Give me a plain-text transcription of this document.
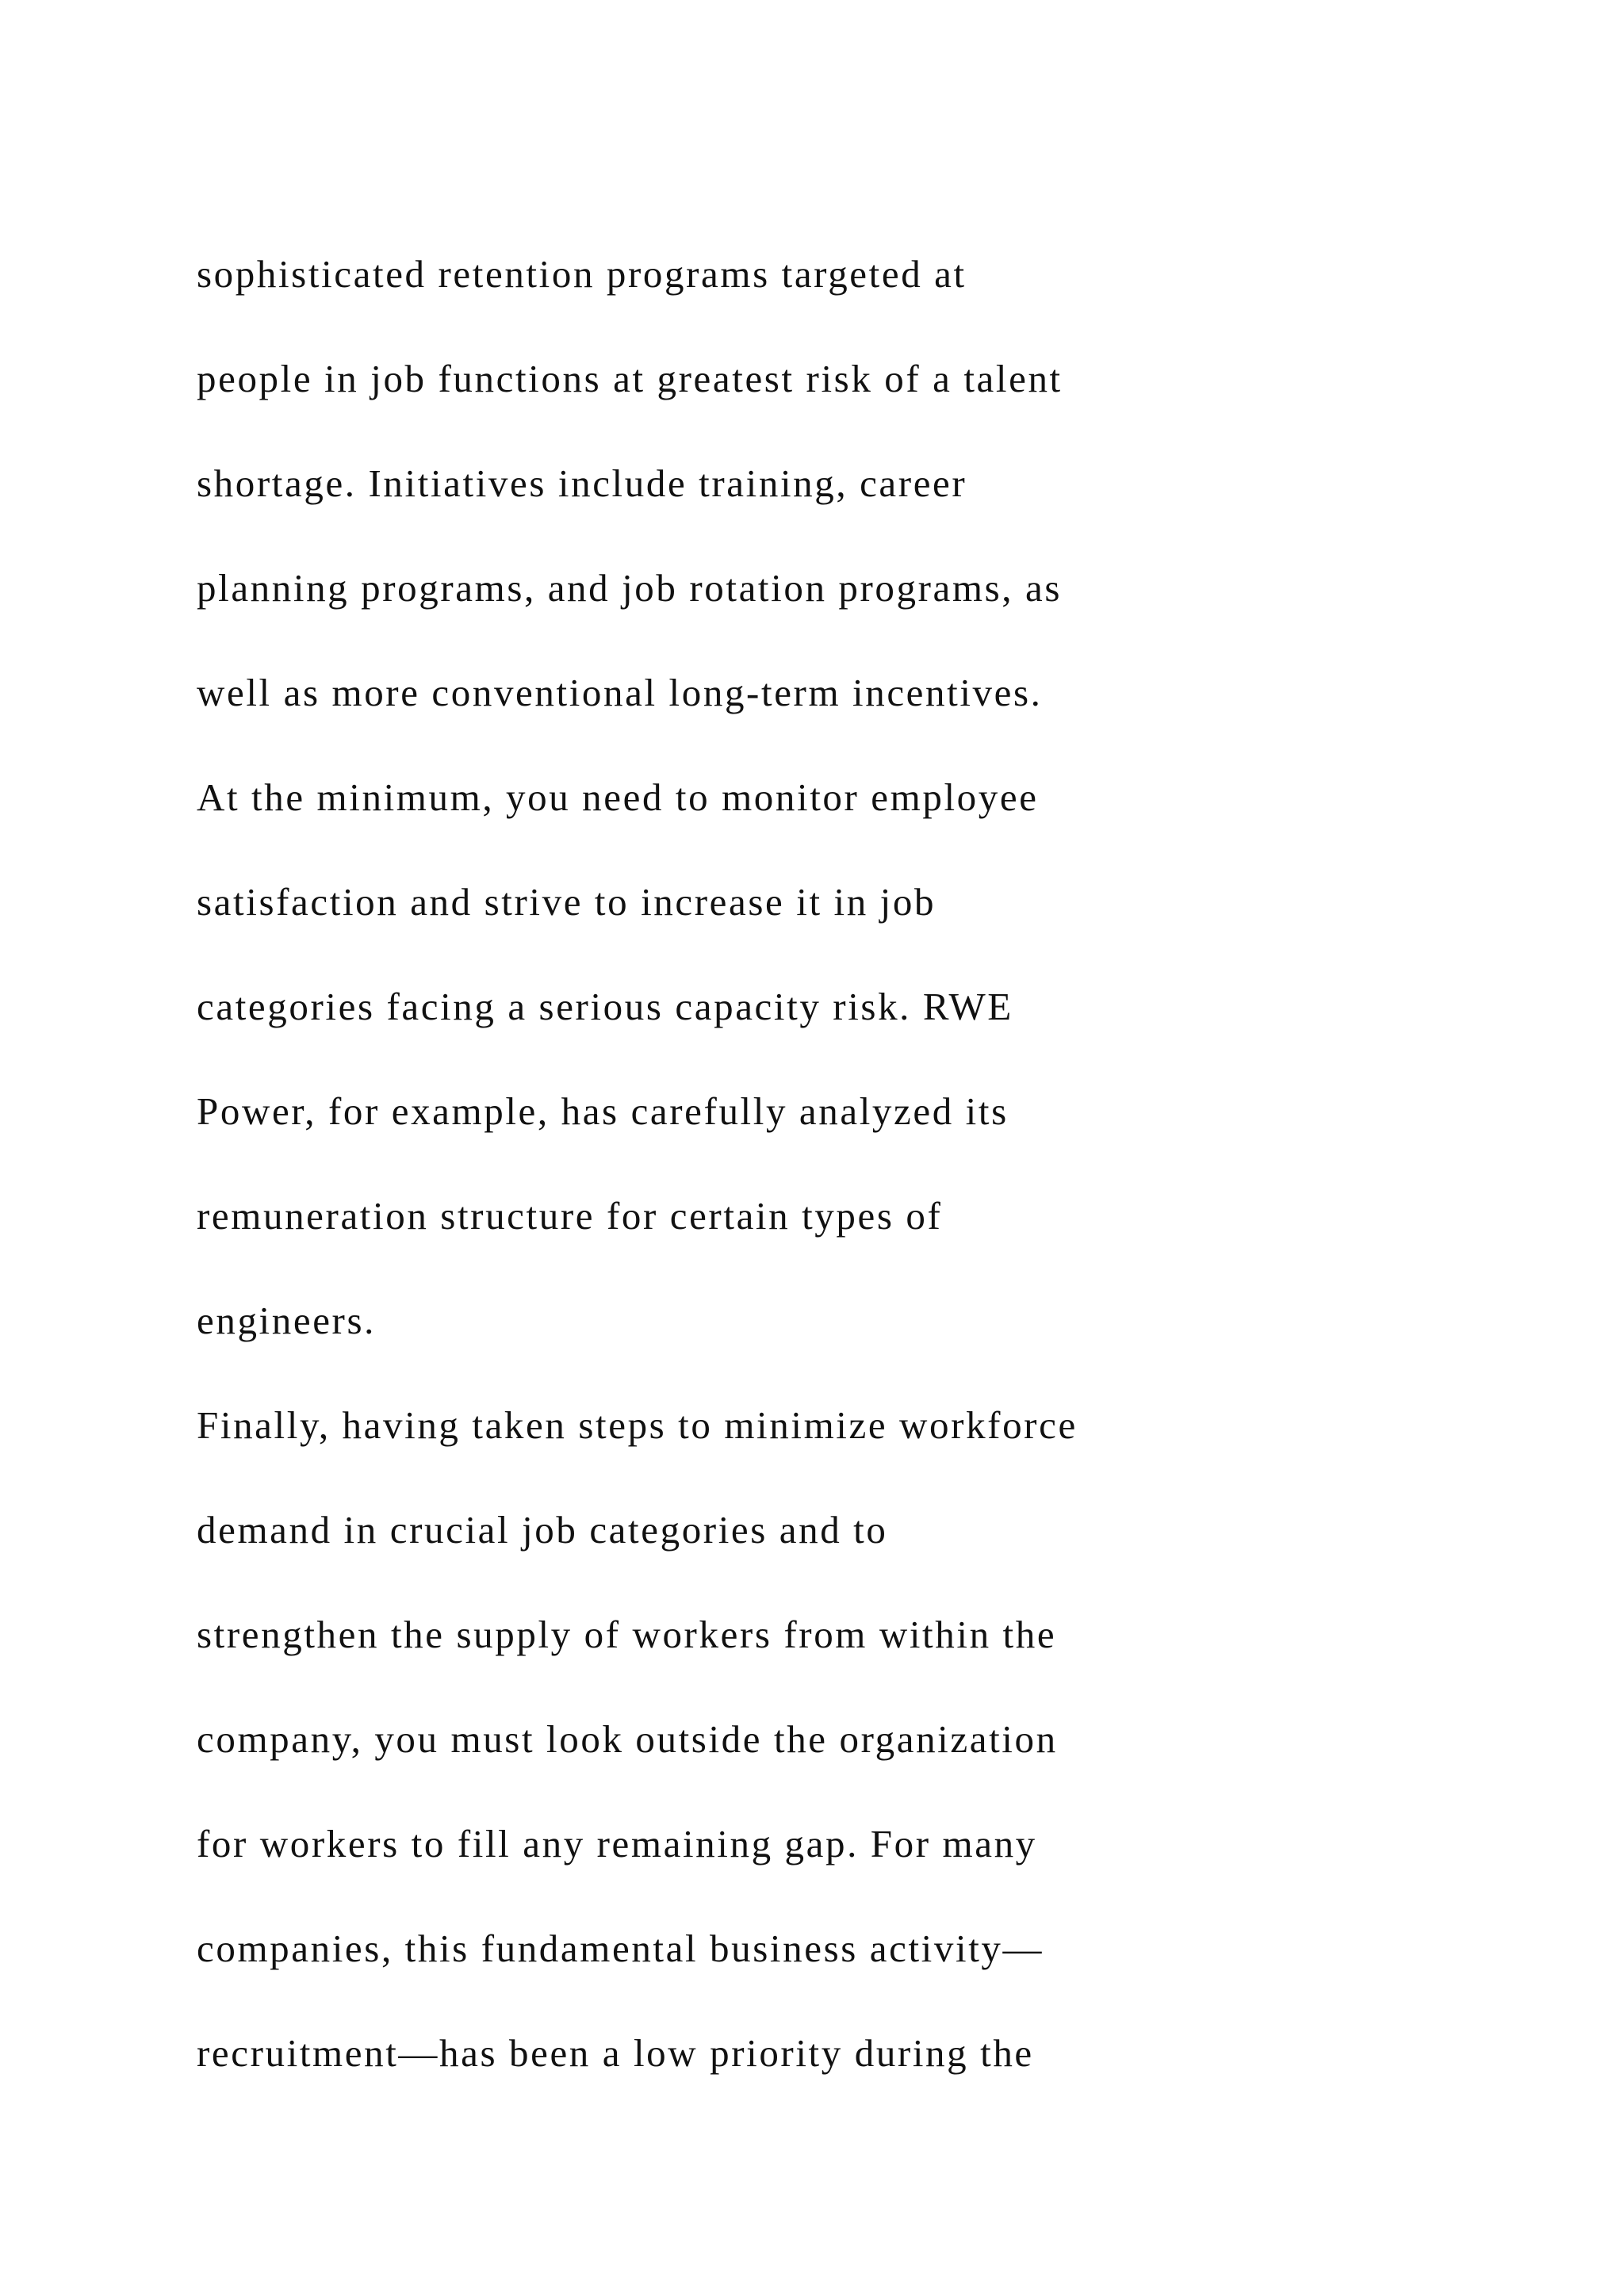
sophisticated retention programs targeted at

people in job functions at greatest risk of a talent

shortage. Initiatives include training, career

planning programs, and job rotation programs, as

well as more conventional long-term incentives.

At the minimum, you need to monitor employee

satisfaction and strive to increase it in job

categories facing a serious capacity risk. RWE

Power, for example, has carefully analyzed its

remuneration structure for certain types of

engineers.

Finally, having taken steps to minimize workforce

demand in crucial job categories and to

strengthen the supply of workers from within the

company, you must look outside the organization

for workers to fill any remaining gap. For many

companies, this fundamental business activity—

recruitment—has been a low priority during the
